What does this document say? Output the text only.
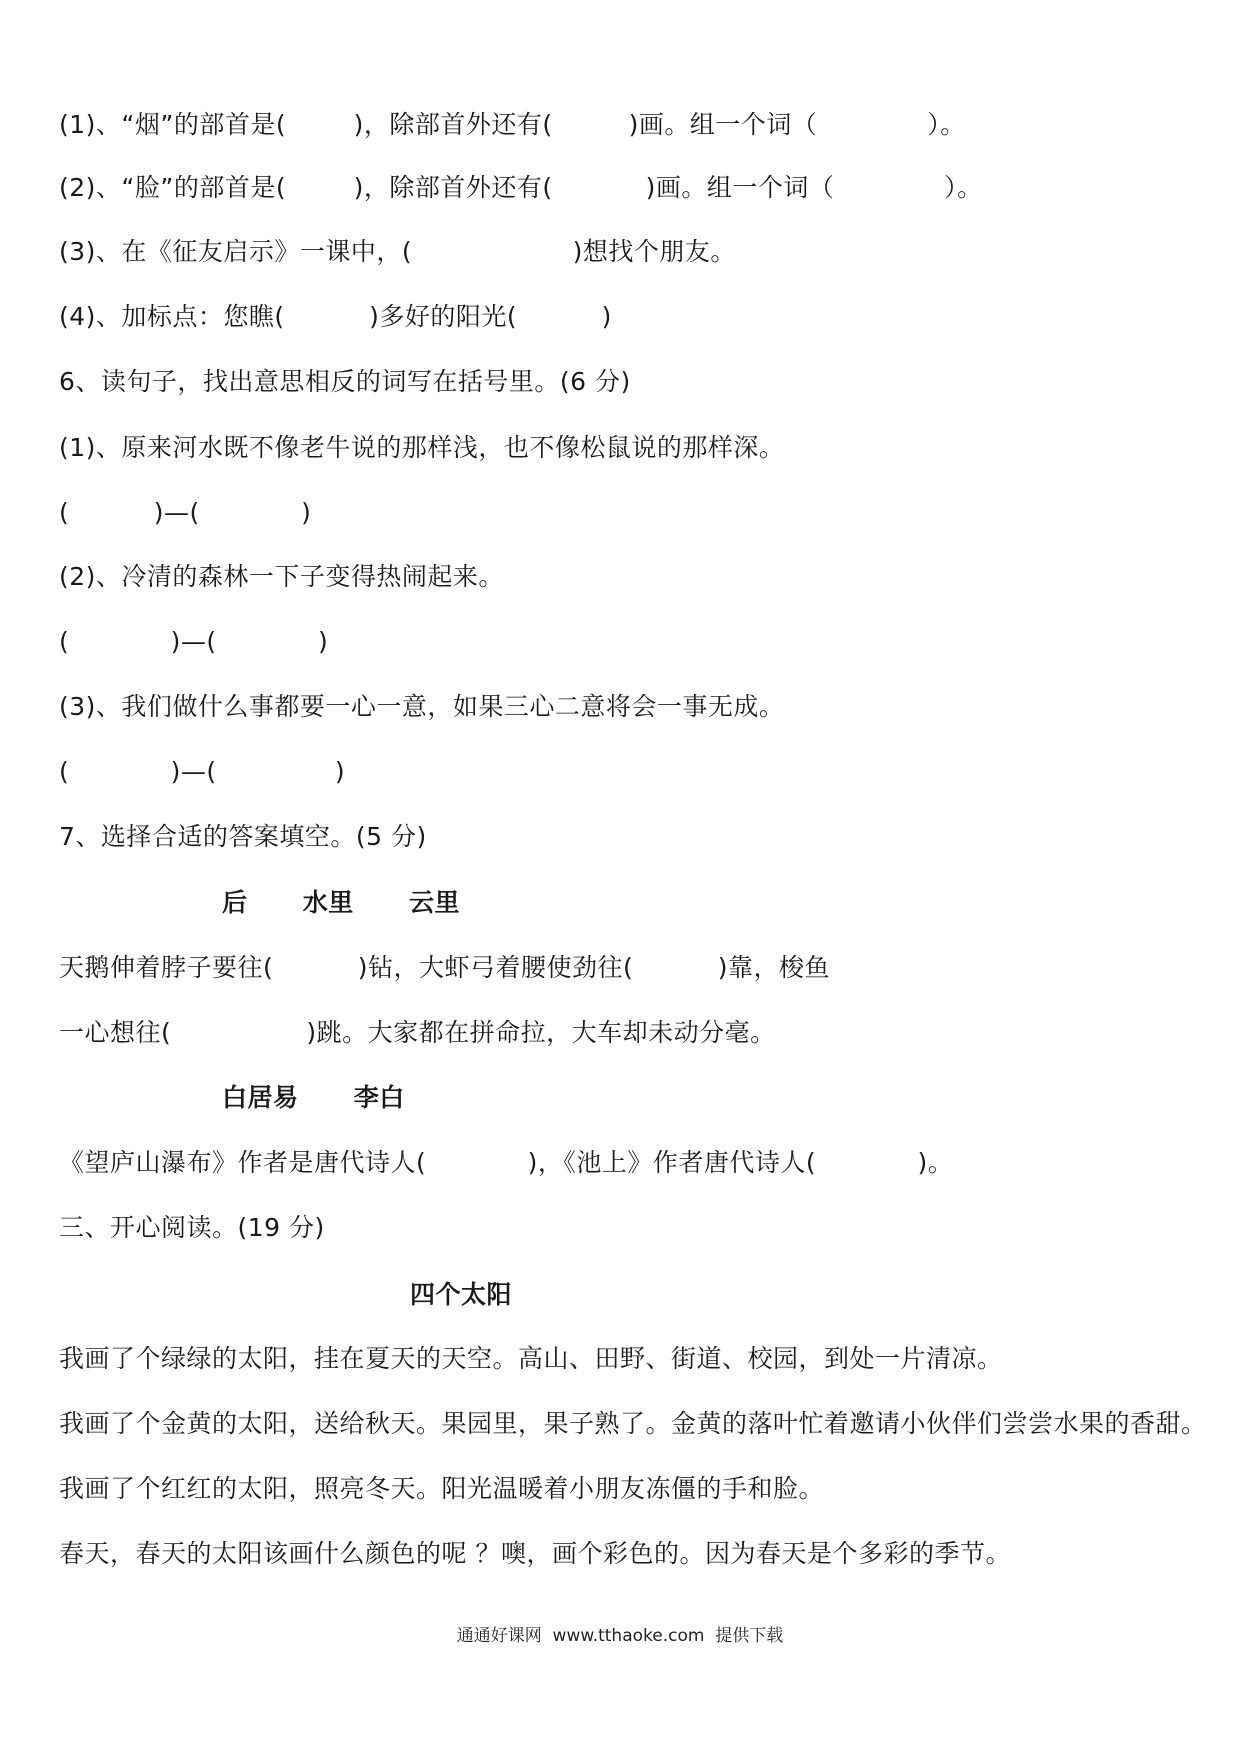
(1)、“烟”的部首是(        )，除部首外还有(         )画。组一个词（             ）。
(2)、“脸”的部首是(        )，除部首外还有(           )画。组一个词（             ）。
(3)、在《征友启示》一课中，(                   )想找个朋友。
(4)、加标点：您瞧(          )多好的阳光(          )
6、读句子，找出意思相反的词写在括号里。(6 分)
(1)、原来河水既不像老牛说的那样浅，也不像松鼠说的那样深。
(          )—(            )
(2)、冷清的森林一下子变得热闹起来。
(            )—(            )
(3)、我们做什么事都要一心一意，如果三心二意将会一事无成。
(            )—(              )
7、选择合适的答案填空。(5 分)
后      水里      云里
天鹅伸着脖子要往(          )钻，大虾弓着腰使劲往(          )靠，梭鱼
一心想往(                )跳。大家都在拼命拉，大车却未动分毫。
白居易      李白
《望庐山瀑布》作者是唐代诗人(            )，《池上》作者唐代诗人(            )。
三、开心阅读。(19 分)
四个太阳
我画了个绿绿的太阳，挂在夏天的天空。高山、田野、街道、校园，到处一片清凉。
我画了个金黄的太阳，送给秋天。果园里，果子熟了。金黄的落叶忙着邀请小伙伴们尝尝水果的香甜。
我画了个红红的太阳，照亮冬天。阳光温暖着小朋友冻僵的手和脸。
春天，春天的太阳该画什么颜色的呢 ？噢，画个彩色的。因为春天是个多彩的季节。
通通好课网  www.tthaoke.com  提供下载
